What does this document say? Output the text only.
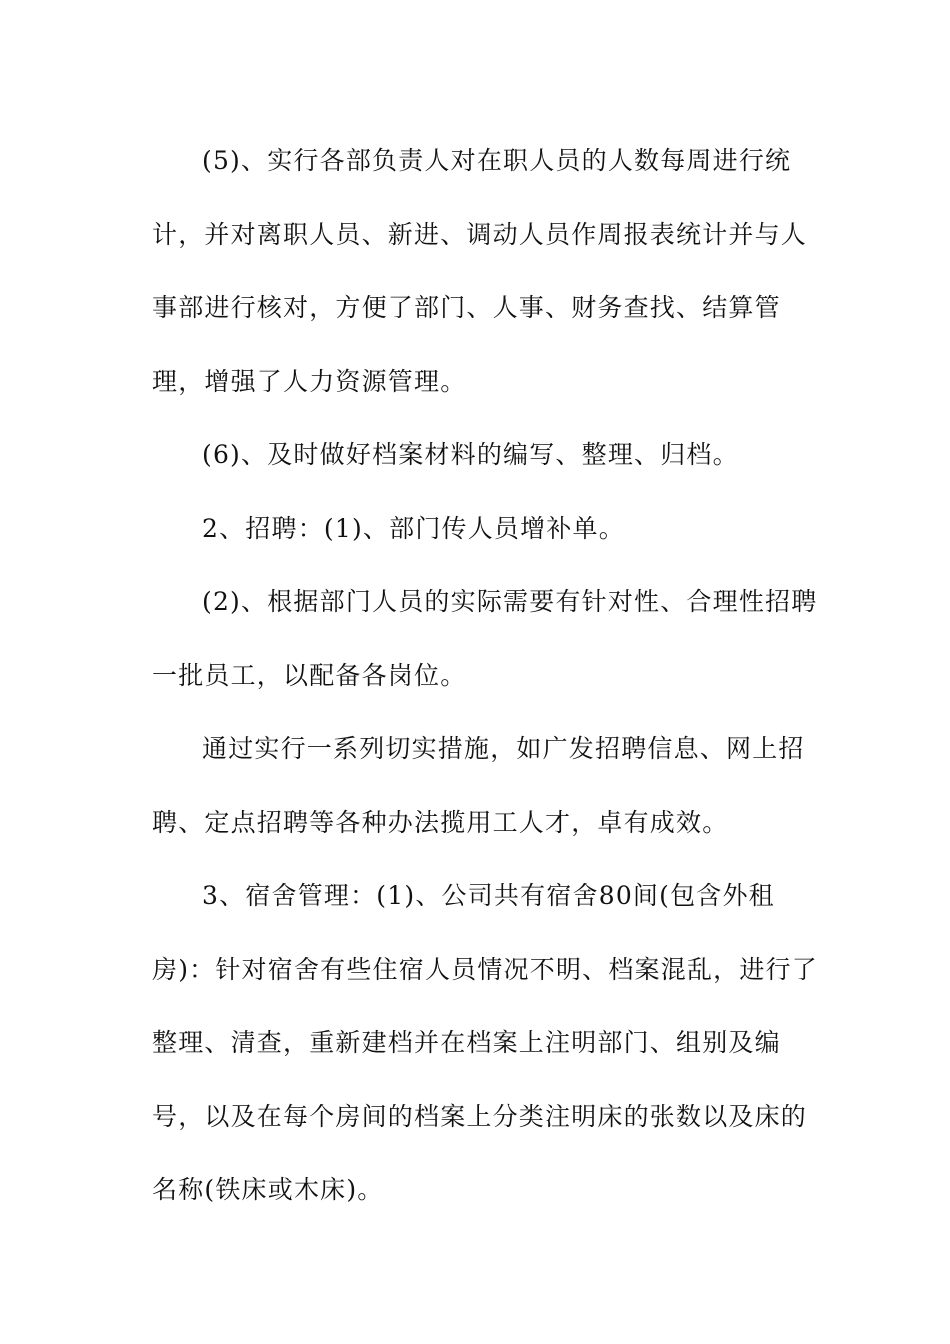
(5)、实行各部负责人对在职人员的人数每周进行统
计，并对离职人员、新进、调动人员作周报表统计并与人
事部进行核对，方便了部门、人事、财务查找、结算管
理，增强了人力资源管理。
(6)、及时做好档案材料的编写、整理、归档。
2、招聘：(1)、部门传人员增补单。
(2)、根据部门人员的实际需要有针对性、合理性招聘
一批员工，以配备各岗位。
通过实行一系列切实措施，如广发招聘信息、网上招
聘、定点招聘等各种办法揽用工人才，卓有成效。
3、宿舍管理：(1)、公司共有宿舍80间(包含外租
房)：针对宿舍有些住宿人员情况不明、档案混乱，进行了
整理、清查，重新建档并在档案上注明部门、组别及编
号，以及在每个房间的档案上分类注明床的张数以及床的
名称(铁床或木床)。
